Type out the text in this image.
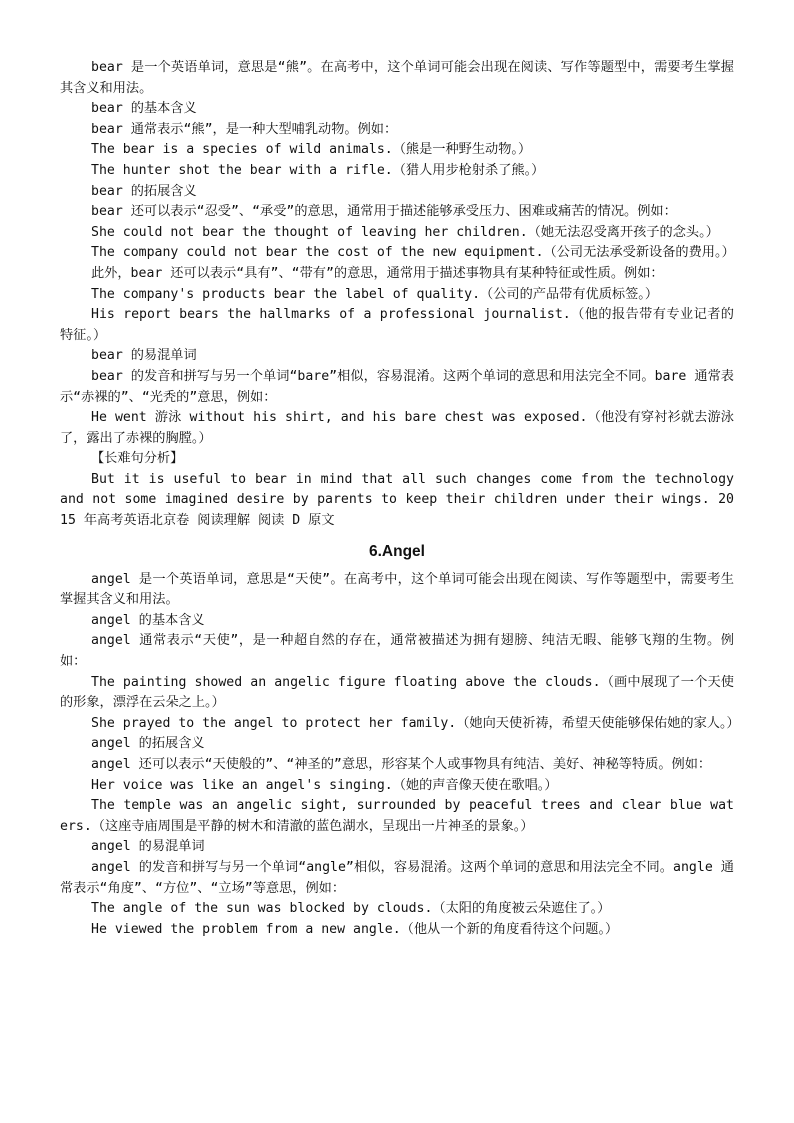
bear 是一个英语单词，意思是“熊”。在高考中，这个单词可能会出现在阅读、写作等题型中，需要考生掌握其含义和用法。

bear 的基本含义

bear 通常表示“熊”，是一种大型哺乳动物。例如：

The bear is a species of wild animals.（熊是一种野生动物。）

The hunter shot the bear with a rifle.（猎人用步枪射杀了熊。）

bear 的拓展含义

bear 还可以表示“忍受”、“承受”的意思，通常用于描述能够承受压力、困难或痛苦的情况。例如：

She could not bear the thought of leaving her children.（她无法忍受离开孩子的念头。）

The company could not bear the cost of the new equipment.（公司无法承受新设备的费用。）

此外，bear 还可以表示“具有”、“带有”的意思，通常用于描述事物具有某种特征或性质。例如：

The company's products bear the label of quality.（公司的产品带有优质标签。）

His report bears the hallmarks of a professional journalist.（他的报告带有专业记者的特征。）

bear 的易混单词

bear 的发音和拼写与另一个单词“bare”相似，容易混淆。这两个单词的意思和用法完全不同。bare 通常表示“赤裸的”、“光秃的”意思，例如：

He went 游泳 without his shirt, and his bare chest was exposed.（他没有穿衬衫就去游泳了，露出了赤裸的胸膛。）

【长难句分析】

But it is useful to bear in mind that all such changes come from the technology and not some imagined desire by parents to keep their children under their wings. 2015 年高考英语北京卷 阅读理解 阅读 D 原文

6.Angel

angel 是一个英语单词，意思是“天使”。在高考中，这个单词可能会出现在阅读、写作等题型中，需要考生掌握其含义和用法。

angel 的基本含义

angel 通常表示“天使”，是一种超自然的存在，通常被描述为拥有翅膀、纯洁无暇、能够飞翔的生物。例如：

The painting showed an angelic figure floating above the clouds.（画中展现了一个天使的形象，漂浮在云朵之上。）

She prayed to the angel to protect her family.（她向天使祈祷，希望天使能够保佑她的家人。）

angel 的拓展含义

angel 还可以表示“天使般的”、“神圣的”意思，形容某个人或事物具有纯洁、美好、神秘等特质。例如：

Her voice was like an angel's singing.（她的声音像天使在歌唱。）

The temple was an angelic sight, surrounded by peaceful trees and clear blue waters.（这座寺庙周围是平静的树木和清澈的蓝色湖水，呈现出一片神圣的景象。）

angel 的易混单词

angel 的发音和拼写与另一个单词“angle”相似，容易混淆。这两个单词的意思和用法完全不同。angle 通常表示“角度”、“方位”、“立场”等意思，例如：

The angle of the sun was blocked by clouds.（太阳的角度被云朵遮住了。）

He viewed the problem from a new angle.（他从一个新的角度看待这个问题。）
